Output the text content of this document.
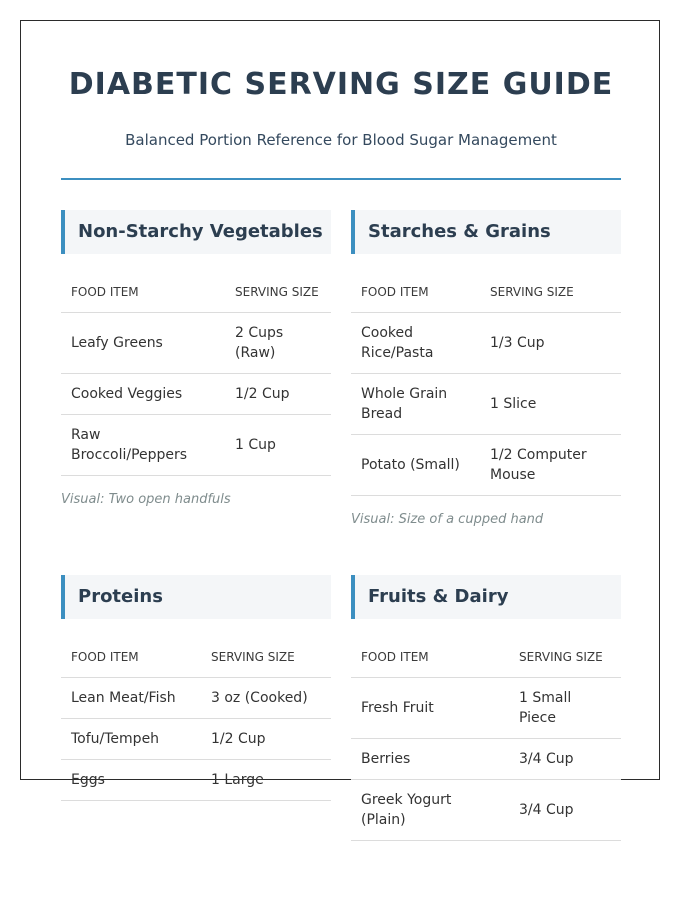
DIABETIC SERVING SIZE GUIDE

Balanced Portion Reference for Blood Sugar Management

Non-Starchy Vegetables
FOOD ITEM	SERVING SIZE
Leafy Greens	2 Cups (Raw)
Cooked Veggies	1/2 Cup
Raw Broccoli/Peppers	1 Cup

Visual: Two open handfuls

Starches & Grains
FOOD ITEM	SERVING SIZE
Cooked Rice/Pasta	1/3 Cup
Whole Grain Bread	1 Slice
Potato (Small)	1/2 Computer Mouse

Visual: Size of a cupped hand

Proteins
FOOD ITEM	SERVING SIZE
Lean Meat/Fish	3 oz (Cooked)
Tofu/Tempeh	1/2 Cup
Eggs	1 Large
Fruits & Dairy
FOOD ITEM	SERVING SIZE
Fresh Fruit	1 Small Piece
Berries	3/4 Cup
Greek Yogurt (Plain)	3/4 Cup
